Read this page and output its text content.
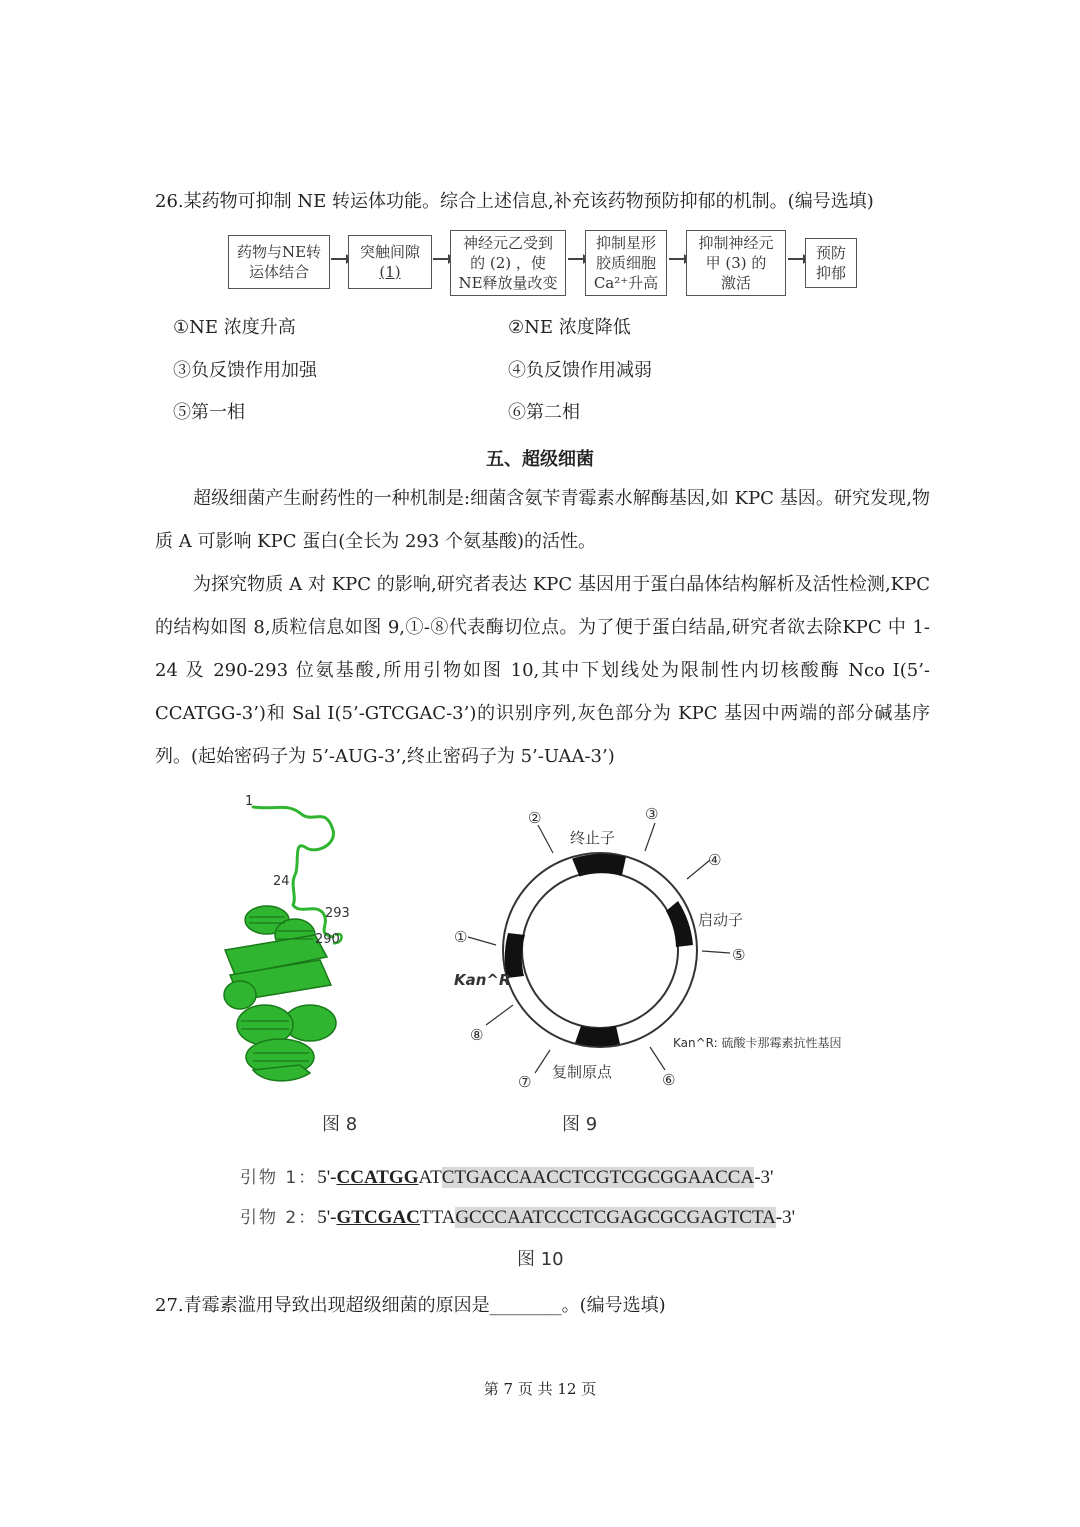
26.某药物可抑制 NE 转运体功能。综合上述信息,补充该药物预防抑郁的机制。(编号选填)
药物与NE转
运体结合
突触间隙
(1)
神经元乙受到
的 (2) ，使
NE释放量改变
抑制星形
胶质细胞
Ca²⁺升高
抑制神经元
甲 (3) 的
激活
预防
抑郁
①NE 浓度升高	②NE 浓度降低
③负反馈作用加强	④负反馈作用减弱
⑤第一相	⑥第二相
五、超级细菌

超级细菌产生耐药性的一种机制是:细菌含氨苄青霉素水解酶基因,如 KPC 基因。研究发现,物质 A 可影响 KPC 蛋白(全长为 293 个氨基酸)的活性。

为探究物质 A 对 KPC 的影响,研究者表达 KPC 基因用于蛋白晶体结构解析及活性检测,KPC 的结构如图 8,质粒信息如图 9,①-⑧代表酶切位点。为了便于蛋白结晶,研究者欲去除KPC 中 1-24 及 290-293 位氨基酸,所用引物如图 10,其中下划线处为限制性内切核酸酶 Nco I(5’-CCATGG-3’)和 Sal I(5’-GTCGAC-3’)的识别序列,灰色部分为 KPC 基因中两端的部分碱基序列。(起始密码子为 5’-AUG-3’,终止密码子为 5’-UAA-3’)

1
24
293
290
图 8
①
②	③
④
⑤
⑥
⑦
⑧
终止子
启动子
复制原点
Kan^R
Kan^R: 硫酸卡那霉素抗性基因
图 9
引物 1：5'-CCATGGATCTGACCAACCTCGTCGCGGAACCA-3'
引物 2：5'-GTCGACTTAGCCCAATCCCTCGAGCGCGAGTCTA-3'
图 10
27.青霉素滥用导致出现超级细菌的原因是________。(编号选填)
第 7 页 共 12 页
